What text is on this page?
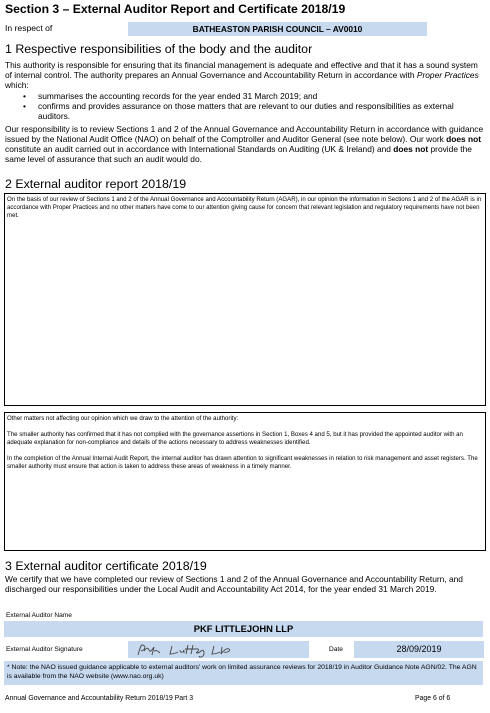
Section 3 – External Auditor Report and Certificate 2018/19
In respect of	BATHEASTON PARISH COUNCIL – AV0010
1 Respective responsibilities of the body and the auditor
This authority is responsible for ensuring that its financial management is adequate and effective and that it has a sound system of internal control. The authority prepares an Annual Governance and Accountability Return in accordance with Proper Practices which:
• summarises the accounting records for the year ended 31 March 2019; and
• confirms and provides assurance on those matters that are relevant to our duties and responsibilities as external auditors.
Our responsibility is to review Sections 1 and 2 of the Annual Governance and Accountability Return in accordance with guidance issued by the National Audit Office (NAO) on behalf of the Comptroller and Auditor General (see note below). Our work does not constitute an audit carried out in accordance with International Standards on Auditing (UK & Ireland) and does not provide the same level of assurance that such an audit would do.
2 External auditor report 2018/19
On the basis of our review of Sections 1 and 2 of the Annual Governance and Accountability Return (AGAR), in our opinion the information in Sections 1 and 2 of the AGAR is in accordance with Proper Practices and no other matters have come to our attention giving cause for concern that relevant legislation and regulatory requirements have not been met.

Other matters not affecting our opinion which we draw to the attention of the authority:

The smaller authority has confirmed that it has not complied with the governance assertions in Section 1, Boxes 4 and 5, but it has provided the appointed auditor with an adequate explanation for non-compliance and details of the actions necessary to address weaknesses identified.

In the completion of the Annual Internal Audit Report, the internal auditor has drawn attention to significant weaknesses in relation to risk management and asset registers. The smaller authority must ensure that action is taken to address these areas of weakness in a timely manner.

3 External auditor certificate 2018/19
We certify that we have completed our review of Sections 1 and 2 of the Annual Governance and Accountability Return, and discharged our responsibilities under the Local Audit and Accountability Act 2014, for the year ended 31 March 2019.
External Auditor Name
PKF LITTLEJOHN LLP
External Auditor Signature	Date	28/09/2019
* Note: the NAO issued guidance applicable to external auditors' work on limited assurance reviews for 2018/19 in Auditor Guidance Note AGN/02. The AGN is available from the NAO website (www.nao.org.uk)
Annual Governance and Accountability Return 2018/19 Part 3	Page 6 of 6
